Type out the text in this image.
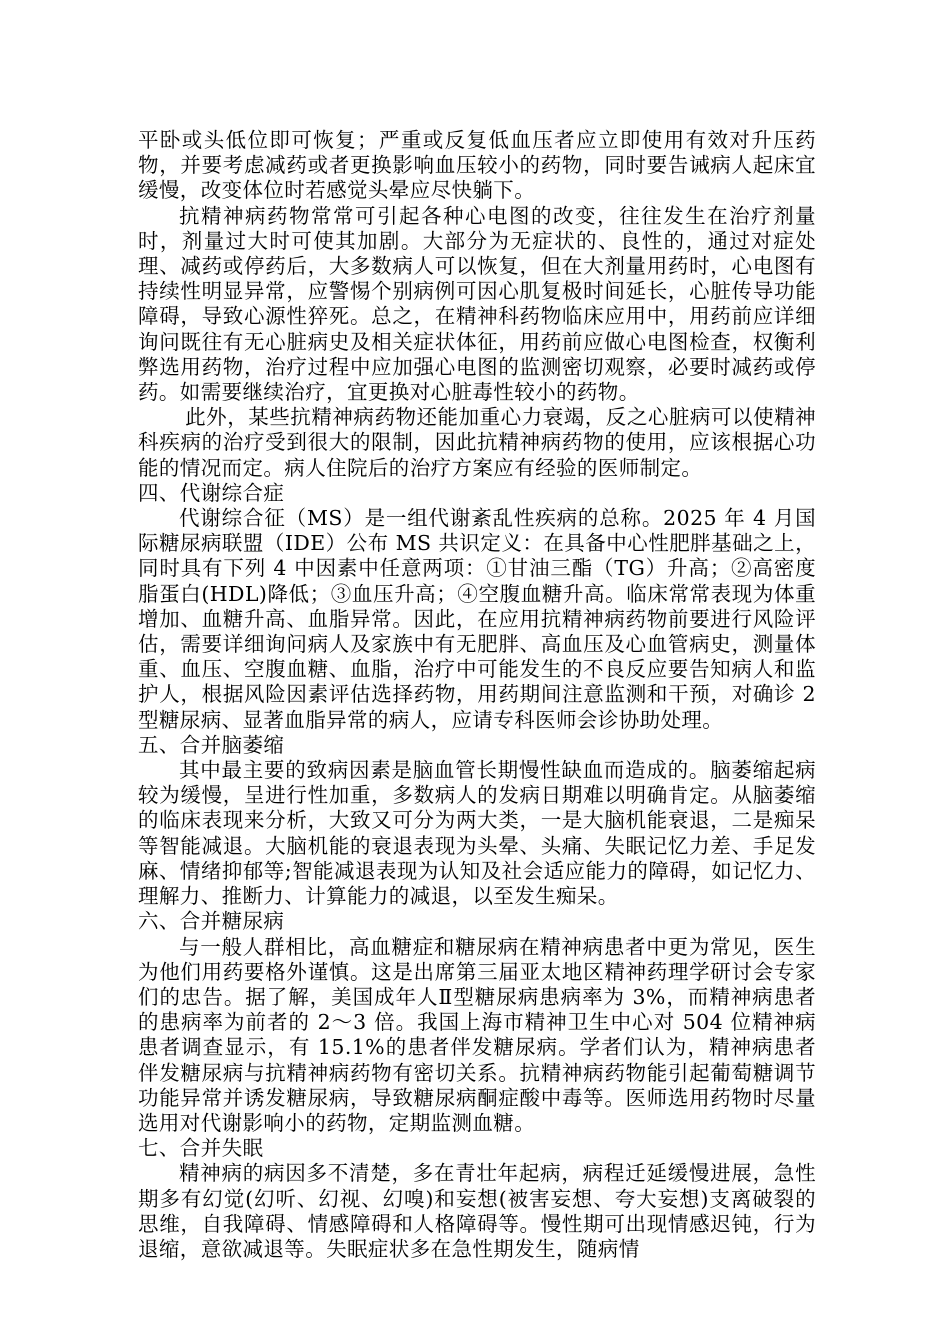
平卧或头低位即可恢复；严重或反复低血压者应立即使用有效对升压药物，并要考虑减药或者更换影响血压较小的药物，同时要告诫病人起床宜缓慢，改变体位时若感觉头晕应尽快躺下。

抗精神病药物常常可引起各种心电图的改变，往往发生在治疗剂量时，剂量过大时可使其加剧。大部分为无症状的、良性的，通过对症处理、减药或停药后，大多数病人可以恢复，但在大剂量用药时，心电图有持续性明显异常，应警惕个别病例可因心肌复极时间延长，心脏传导功能障碍，导致心源性猝死。总之，在精神科药物临床应用中，用药前应详细询问既往有无心脏病史及相关症状体征，用药前应做心电图检查，权衡利弊选用药物，治疗过程中应加强心电图的监测密切观察，必要时减药或停药。如需要继续治疗，宜更换对心脏毒性较小的药物。

此外，某些抗精神病药物还能加重心力衰竭，反之心脏病可以使精神科疾病的治疗受到很大的限制，因此抗精神病药物的使用，应该根据心功能的情况而定。病人住院后的治疗方案应有经验的医师制定。

四、代谢综合症

代谢综合征（MS）是一组代谢紊乱性疾病的总称。2025 年 4 月国际糖尿病联盟（IDE）公布 MS 共识定义：在具备中心性肥胖基础之上，同时具有下列 4 中因素中任意两项：①甘油三酯（TG）升高；②高密度脂蛋白(HDL)降低；③血压升高；④空腹血糖升高。临床常常表现为体重增加、血糖升高、血脂异常。因此，在应用抗精神病药物前要进行风险评估，需要详细询问病人及家族中有无肥胖、高血压及心血管病史，测量体重、血压、空腹血糖、血脂，治疗中可能发生的不良反应要告知病人和监护人，根据风险因素评估选择药物，用药期间注意监测和干预，对确诊 2 型糖尿病、显著血脂异常的病人，应请专科医师会诊协助处理。

五、合并脑萎缩

其中最主要的致病因素是脑血管长期慢性缺血而造成的。脑萎缩起病较为缓慢，呈进行性加重，多数病人的发病日期难以明确肯定。从脑萎缩的临床表现来分析，大致又可分为两大类，一是大脑机能衰退，二是痴呆等智能减退。大脑机能的衰退表现为头晕、头痛、失眠记忆力差、手足发麻、情绪抑郁等;智能减退表现为认知及社会适应能力的障碍，如记忆力、理解力、推断力、计算能力的减退，以至发生痴呆。

六、合并糖尿病

与一般人群相比，高血糖症和糖尿病在精神病患者中更为常见，医生为他们用药要格外谨慎。这是出席第三届亚太地区精神药理学研讨会专家们的忠告。据了解，美国成年人Ⅱ型糖尿病患病率为 3%，而精神病患者的患病率为前者的 2～3 倍。我国上海市精神卫生中心对 504 位精神病患者调查显示，有 15.1%的患者伴发糖尿病。学者们认为，精神病患者伴发糖尿病与抗精神病药物有密切关系。抗精神病药物能引起葡萄糖调节功能异常并诱发糖尿病，导致糖尿病酮症酸中毒等。医师选用药物时尽量选用对代谢影响小的药物，定期监测血糖。

七、合并失眠

精神病的病因多不清楚，多在青壮年起病，病程迁延缓慢进展，急性期多有幻觉(幻听、幻视、幻嗅)和妄想(被害妄想、夸大妄想)支离破裂的思维，自我障碍、情感障碍和人格障碍等。慢性期可出现情感迟钝，行为退缩，意欲减退等。失眠症状多在急性期发生，随病情
